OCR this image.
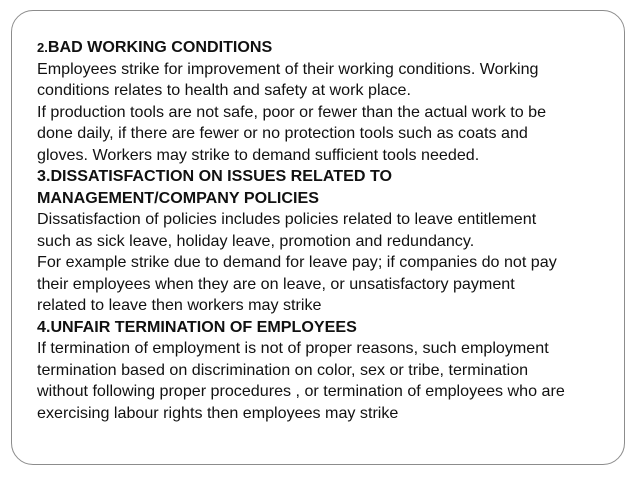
2.BAD WORKING CONDITIONS

Employees strike for improvement of their working conditions. Working

conditions relates to health and safety at work place.

If production tools are not safe, poor or fewer than the actual work to be

done daily, if there are fewer or no protection tools such as coats and

gloves. Workers may strike to demand sufficient tools needed.

3.DISSATISFACTION ON ISSUES RELATED TO

MANAGEMENT/COMPANY POLICIES

Dissatisfaction of policies includes policies related to leave entitlement

such as sick leave, holiday leave, promotion and redundancy.

For example strike due to demand for leave pay; if companies do not pay

their employees when they are on leave, or unsatisfactory payment

related to leave then workers may strike

4.UNFAIR TERMINATION OF EMPLOYEES

If termination of employment is not of proper reasons, such employment

termination based on discrimination on color, sex or tribe, termination

without following proper procedures , or termination of employees who are

exercising labour rights then employees may strike
